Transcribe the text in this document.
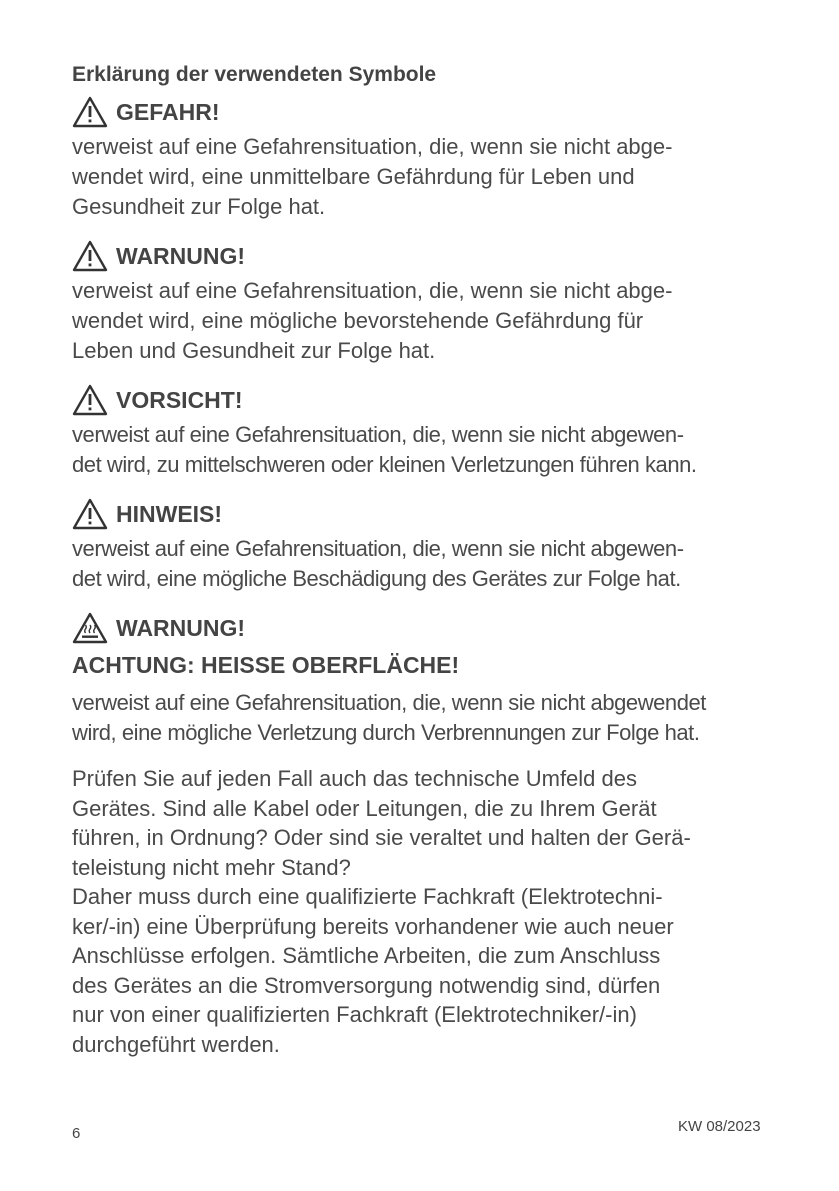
Erklärung der verwendeten Symbole
GEFAHR!

verweist auf eine Gefahrensituation, die, wenn sie nicht abge-
wendet wird, eine unmittelbare Gefährdung für Leben und
Gesundheit zur Folge hat.

WARNUNG!

verweist auf eine Gefahrensituation, die, wenn sie nicht abge-
wendet wird, eine mögliche bevorstehende Gefährdung für
Leben und Gesundheit zur Folge hat.

VORSICHT!

verweist auf eine Gefahrensituation, die, wenn sie nicht abgewen-
det wird, zu mittelschweren oder kleinen Verletzungen führen kann.

HINWEIS!

verweist auf eine Gefahrensituation, die, wenn sie nicht abgewen-
det wird, eine mögliche Beschädigung des Gerätes zur Folge hat.

WARNUNG!
ACHTUNG: HEISSE OBERFLÄCHE!

verweist auf eine Gefahrensituation, die, wenn sie nicht abgewendet
wird, eine mögliche Verletzung durch Verbrennungen zur Folge hat.

Prüfen Sie auf jeden Fall auch das technische Umfeld des
Gerätes. Sind alle Kabel oder Leitungen, die zu Ihrem Gerät
führen, in Ordnung? Oder sind sie veraltet und halten der Gerä-
teleistung nicht mehr Stand?
Daher muss durch eine qualifizierte Fachkraft (Elektrotechni-
ker/-in) eine Überprüfung bereits vorhandener wie auch neuer
Anschlüsse erfolgen. Sämtliche Arbeiten, die zum Anschluss
des Gerätes an die Stromversorgung notwendig sind, dürfen
nur von einer qualifizierten Fachkraft (Elektrotechniker/-in)
durchgeführt werden.

6	KW 08/2023
